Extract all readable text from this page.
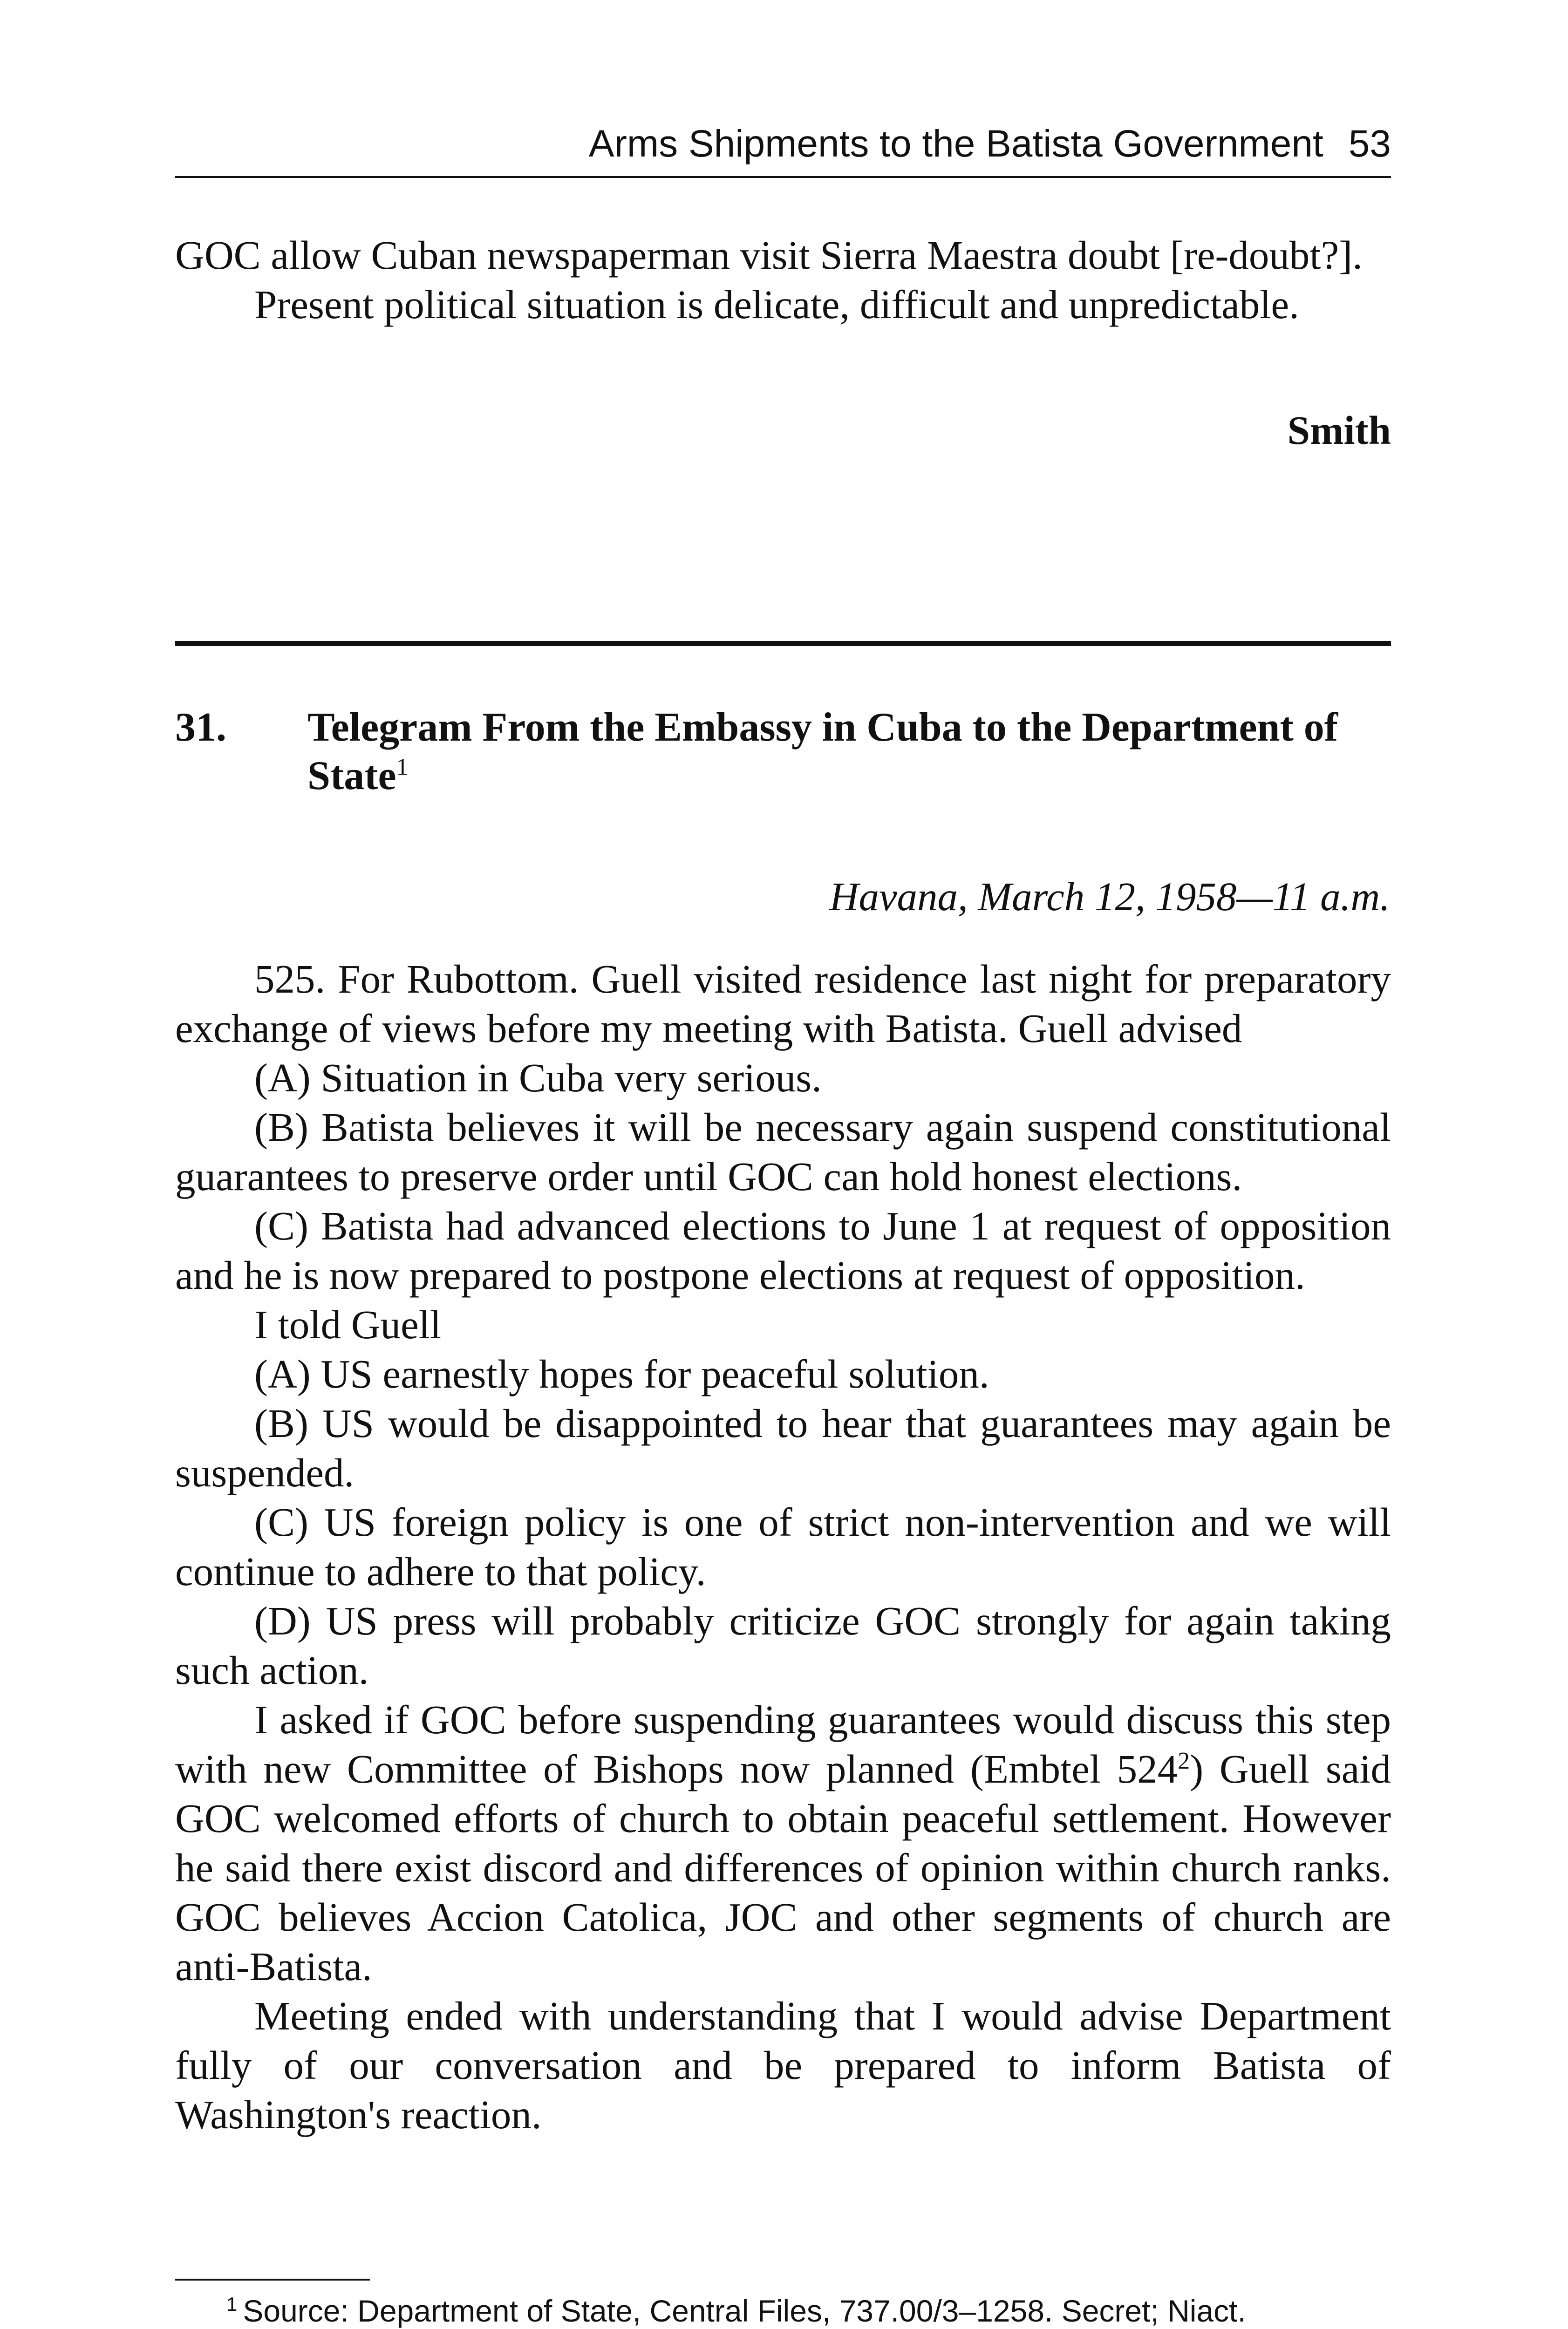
Arms Shipments to the Batista Government 53

GOC allow Cuban newspaperman visit Sierra Maestra doubt [re-doubt?].

Present political situation is delicate, difficult and unpredictable.

Smith
31.	Telegram From the Embassy in Cuba to the Department of State$^1$
Havana, March 12, 1958—11 a.m.

525. For Rubottom. Guell visited residence last night for preparatory exchange of views before my meeting with Batista. Guell advised

(A) Situation in Cuba very serious.

(B) Batista believes it will be necessary again suspend constitutional guarantees to preserve order until GOC can hold honest elections.

(C) Batista had advanced elections to June 1 at request of opposition and he is now prepared to postpone elections at request of opposition.

I told Guell

(A) US earnestly hopes for peaceful solution.

(B) US would be disappointed to hear that guarantees may again be suspended.

(C) US foreign policy is one of strict non-intervention and we will continue to adhere to that policy.

(D) US press will probably criticize GOC strongly for again taking such action.

I asked if GOC before suspending guarantees would discuss this step with new Committee of Bishops now planned (Embtel $524^2$) Guell said GOC welcomed efforts of church to obtain peaceful settlement. However he said there exist discord and differences of opinion within church ranks. GOC believes Accion Catolica, JOC and other segments of church are anti-Batista.

Meeting ended with understanding that I would advise Department fully of our conversation and be prepared to inform Batista of Washington's reaction.

$^1$ Source: Department of State, Central Files, 737.00/3–1258. Secret; Niact.
